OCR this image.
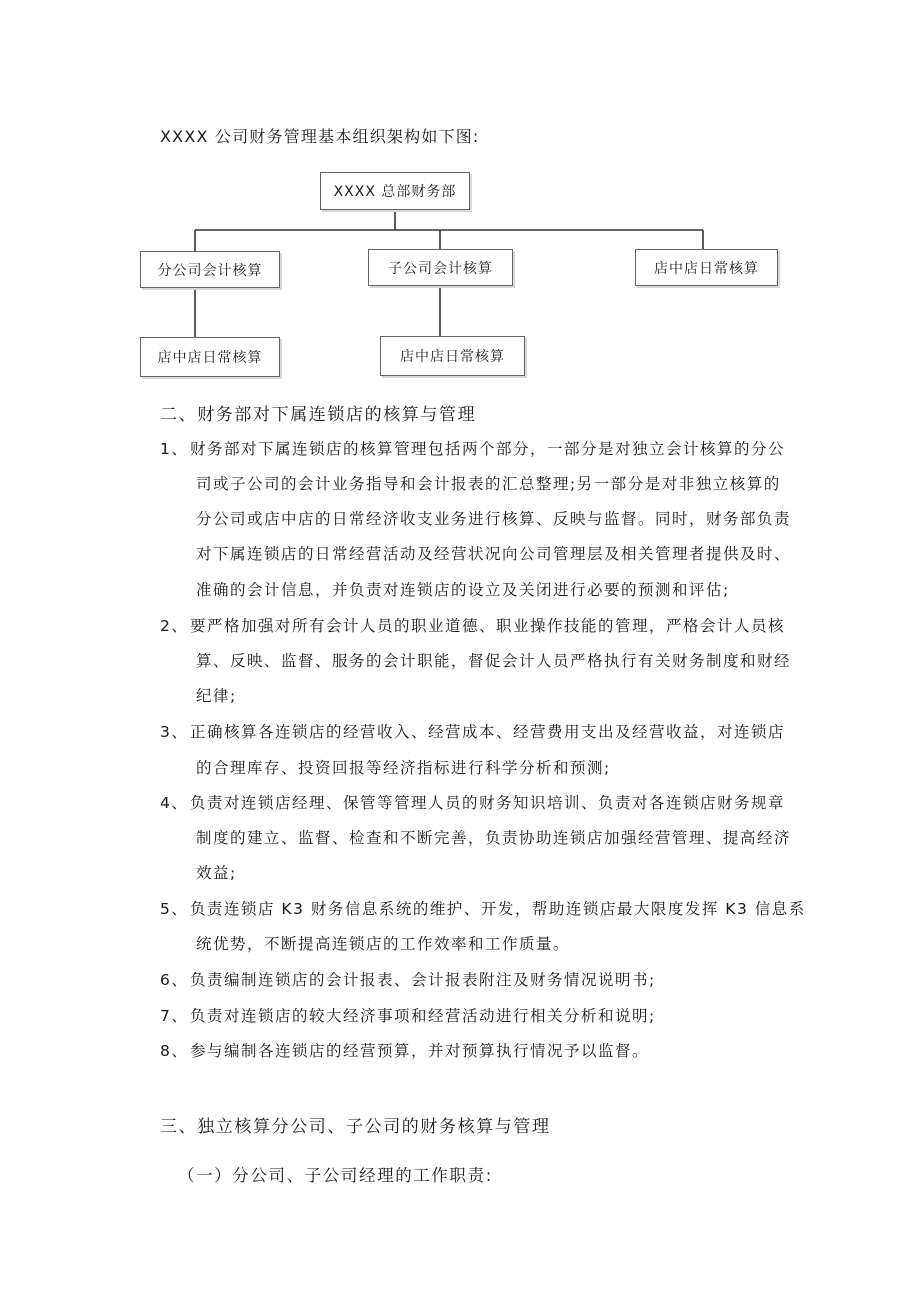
XXXX 公司财务管理基本组织架构如下图:
XXXX 总部财务部
分公司会计核算	子公司会计核算	店中店日常核算
店中店日常核算	店中店日常核算
二、财务部对下属连锁店的核算与管理
1、 财务部对下属连锁店的核算管理包括两个部分，一部分是对独立会计核算的分公
司或子公司的会计业务指导和会计报表的汇总整理;另一部分是对非独立核算的
分公司或店中店的日常经济收支业务进行核算、反映与监督。同时，财务部负责
对下属连锁店的日常经营活动及经营状况向公司管理层及相关管理者提供及时、
准确的会计信息，并负责对连锁店的设立及关闭进行必要的预测和评估;
2、 要严格加强对所有会计人员的职业道德、职业操作技能的管理，严格会计人员核
算、反映、监督、服务的会计职能，督促会计人员严格执行有关财务制度和财经
纪律;
3、 正确核算各连锁店的经营收入、经营成本、经营费用支出及经营收益，对连锁店
的合理库存、投资回报等经济指标进行科学分析和预测;
4、 负责对连锁店经理、保管等管理人员的财务知识培训、负责对各连锁店财务规章
制度的建立、监督、检查和不断完善，负责协助连锁店加强经营管理、提高经济
效益;
5、 负责连锁店 K3 财务信息系统的维护、开发，帮助连锁店最大限度发挥 K3 信息系
统优势，不断提高连锁店的工作效率和工作质量。
6、 负责编制连锁店的会计报表、会计报表附注及财务情况说明书;
7、 负责对连锁店的较大经济事项和经营活动进行相关分析和说明;
8、 参与编制各连锁店的经营预算，并对预算执行情况予以监督。
三、独立核算分公司、子公司的财务核算与管理
（一）分公司、子公司经理的工作职责:
